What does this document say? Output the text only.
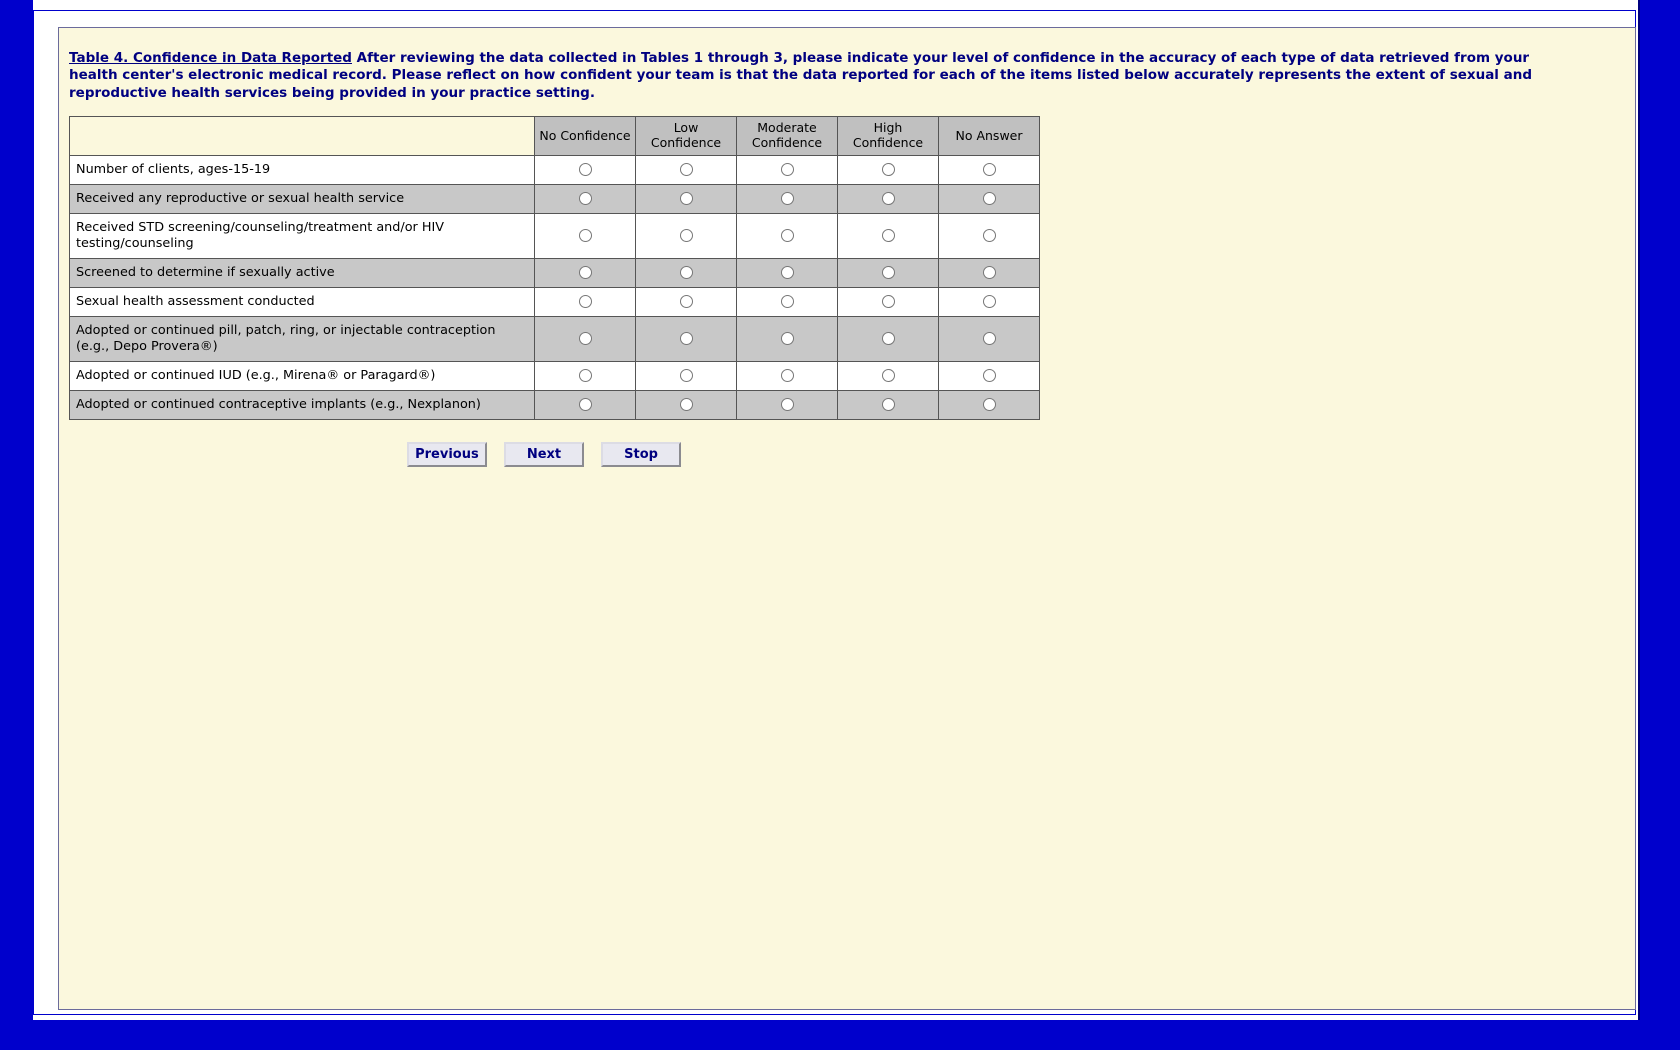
Table 4. Confidence in Data Reported After reviewing the data collected in Tables 1 through 3, please indicate your level of confidence in the accuracy of each type of data retrieved from your health center's electronic medical record. Please reflect on how confident your team is that the data reported for each of the items listed below accurately represents the extent of sexual and reproductive health services being provided in your practice setting.
	No Confidence	Low Confidence	Moderate Confidence	High Confidence	No Answer
Number of clients, ages-15-19					
Received any reproductive or sexual health service					
Received STD screening/counseling/treatment and/or HIV testing/counseling					
Screened to determine if sexually active					
Sexual health assessment conducted					
Adopted or continued pill, patch, ring, or injectable contraception (e.g., Depo Provera®)					
Adopted or continued IUD (e.g., Mirena® or Paragard®)					
Adopted or continued contraceptive implants (e.g., Nexplanon)					
Previous	Next	Stop
